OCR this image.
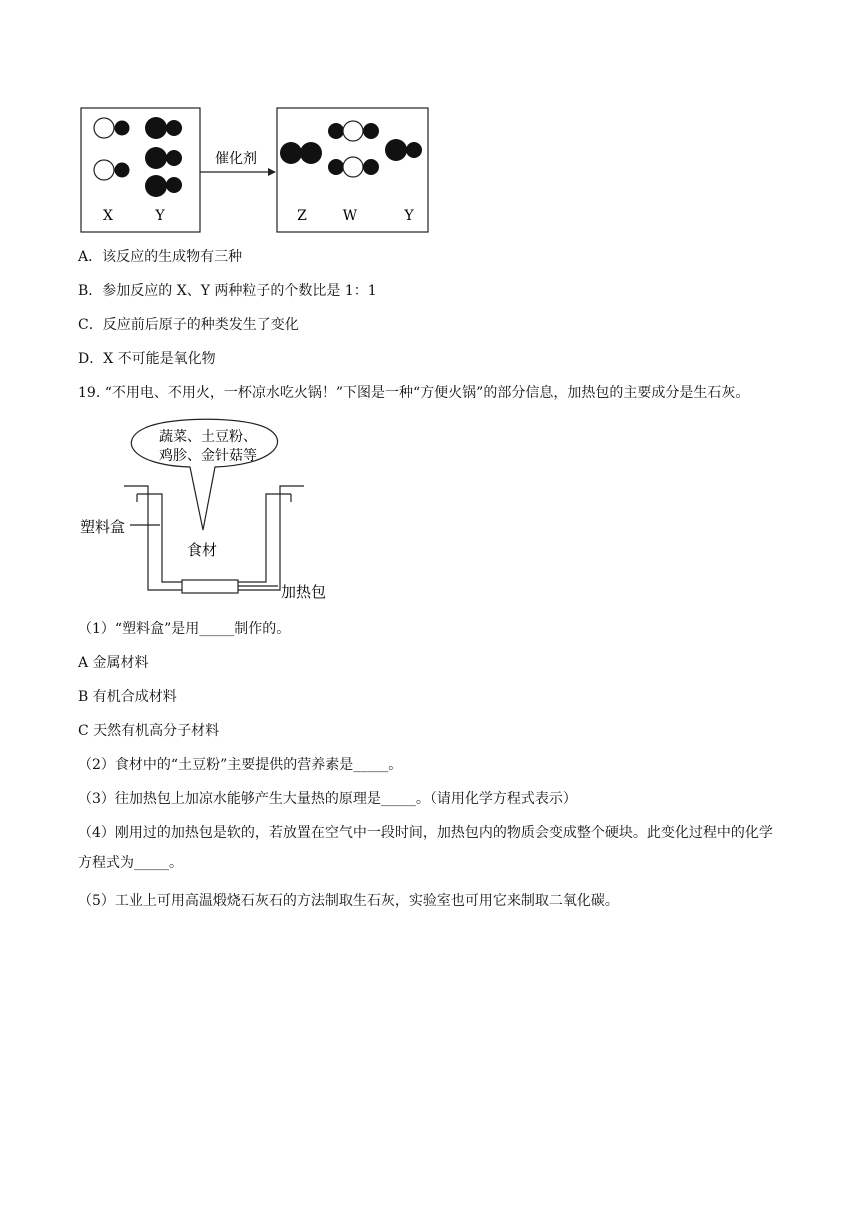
X	Y
催化剂
Z	W	Y
A．该反应的生成物有三种
B．参加反应的 X、Y 两种粒子的个数比是 1：1
C．反应前后原子的种类发生了变化
D．X 不可能是氧化物
19. “不用电、不用火，一杯凉水吃火锅！”下图是一种“方便火锅”的部分信息，加热包的主要成分是生石灰。
蔬菜、土豆粉、
鸡胗、金针菇等
加热包
塑料盒
食材
（1）“塑料盒”是用_____制作的。
A 金属材料
B 有机合成材料
C 天然有机高分子材料
（2）食材中的“土豆粉”主要提供的营养素是_____。
（3）往加热包上加凉水能够产生大量热的原理是_____。（请用化学方程式表示）
（4）刚用过的加热包是软的，若放置在空气中一段时间，加热包内的物质会变成整个硬块。此变化过程中的化学方程式为_____。
（5）工业上可用高温煅烧石灰石的方法制取生石灰，实验室也可用它来制取二氧化碳。
